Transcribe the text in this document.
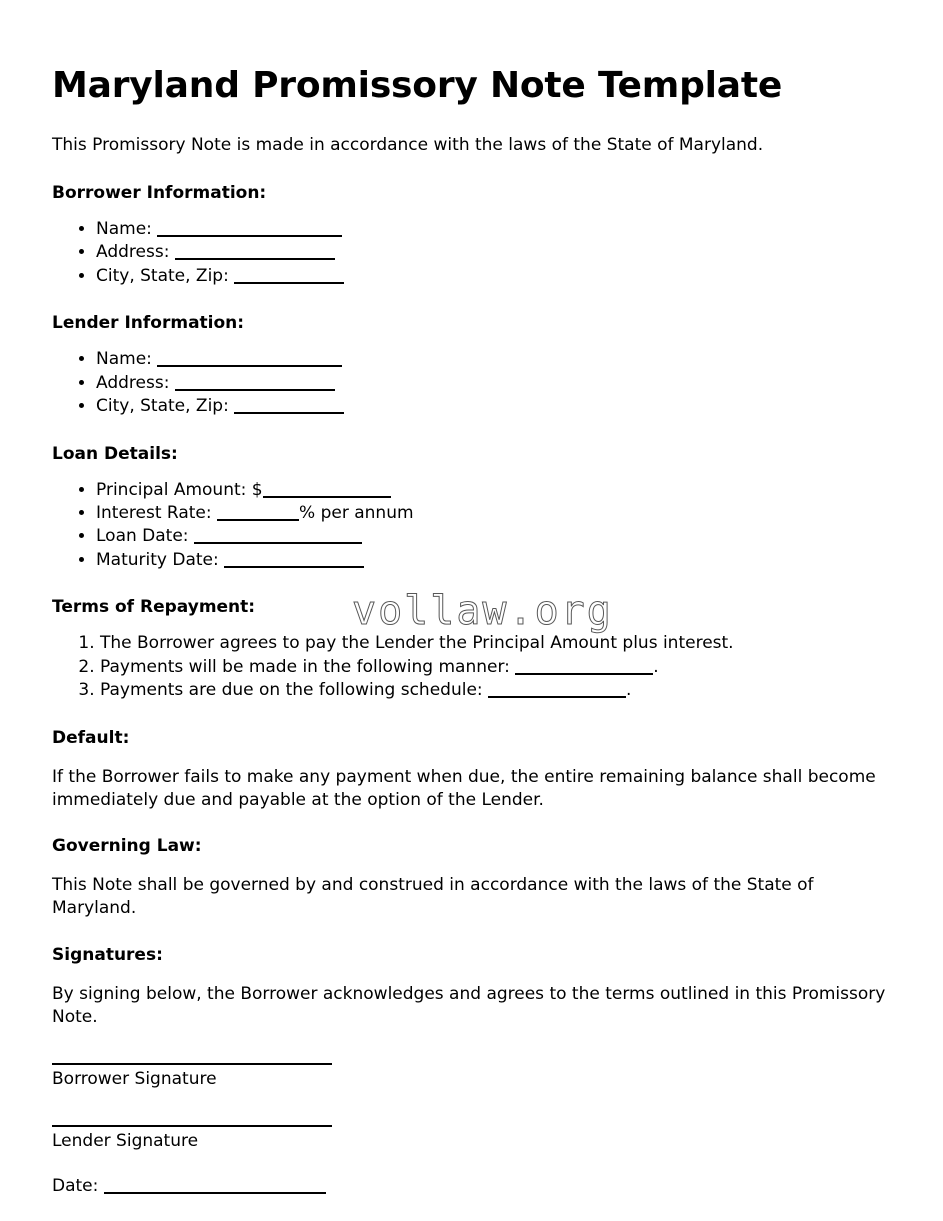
Maryland Promissory Note Template

This Promissory Note is made in accordance with the laws of the State of Maryland.

Borrower Information:
• Name:
• Address:
• City, State, Zip:
Lender Information:
• Name:
• Address:
• City, State, Zip:
Loan Details:
• Principal Amount: $
• Interest Rate:	% per annum
• Loan Date:
• Maturity Date:
Terms of Repayment:
1. The Borrower agrees to pay the Lender the Principal Amount plus interest.
2. Payments will be made in the following manner:	.
3. Payments are due on the following schedule:	.
Default:

If the Borrower fails to make any payment when due, the entire remaining balance shall become immediately due and payable at the option of the Lender.

Governing Law:

This Note shall be governed by and construed in accordance with the laws of the State of Maryland.

Signatures:

By signing below, the Borrower acknowledges and agrees to the terms outlined in this Promissory Note.

Borrower Signature

Lender Signature

Date:

vollaw.org
